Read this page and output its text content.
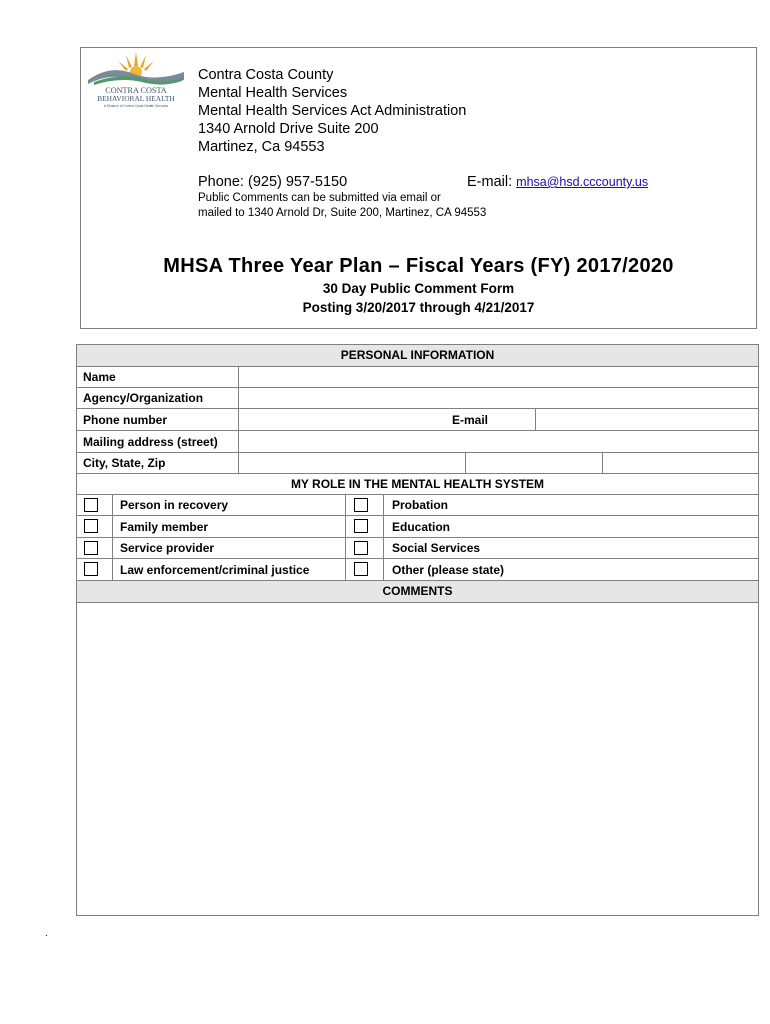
CONTRA COSTA
BEHAVIORAL HEALTH
A Division of Contra Costa Health Services
Contra Costa County
Mental Health Services
Mental Health Services Act Administration
1340 Arnold Drive Suite 200
Martinez, Ca 94553
Phone: (925) 957-5150	E-mail: mhsa@hsd.cccounty.us
Public Comments can be submitted via email or
mailed to 1340 Arnold Dr, Suite 200, Martinez, CA 94553
MHSA Three Year Plan – Fiscal Years (FY) 2017/2020
30 Day Public Comment Form
Posting 3/20/2017 through 4/21/2017
PERSONAL INFORMATION
Name
Agency/Organization
Phone number	E-mail
Mailing address (street)
City, State, Zip
MY ROLE IN THE MENTAL HEALTH SYSTEM
Person in recovery	Probation
Family member	Education
Service provider	Social Services
Law enforcement/criminal justice	Other (please state)
COMMENTS
.
